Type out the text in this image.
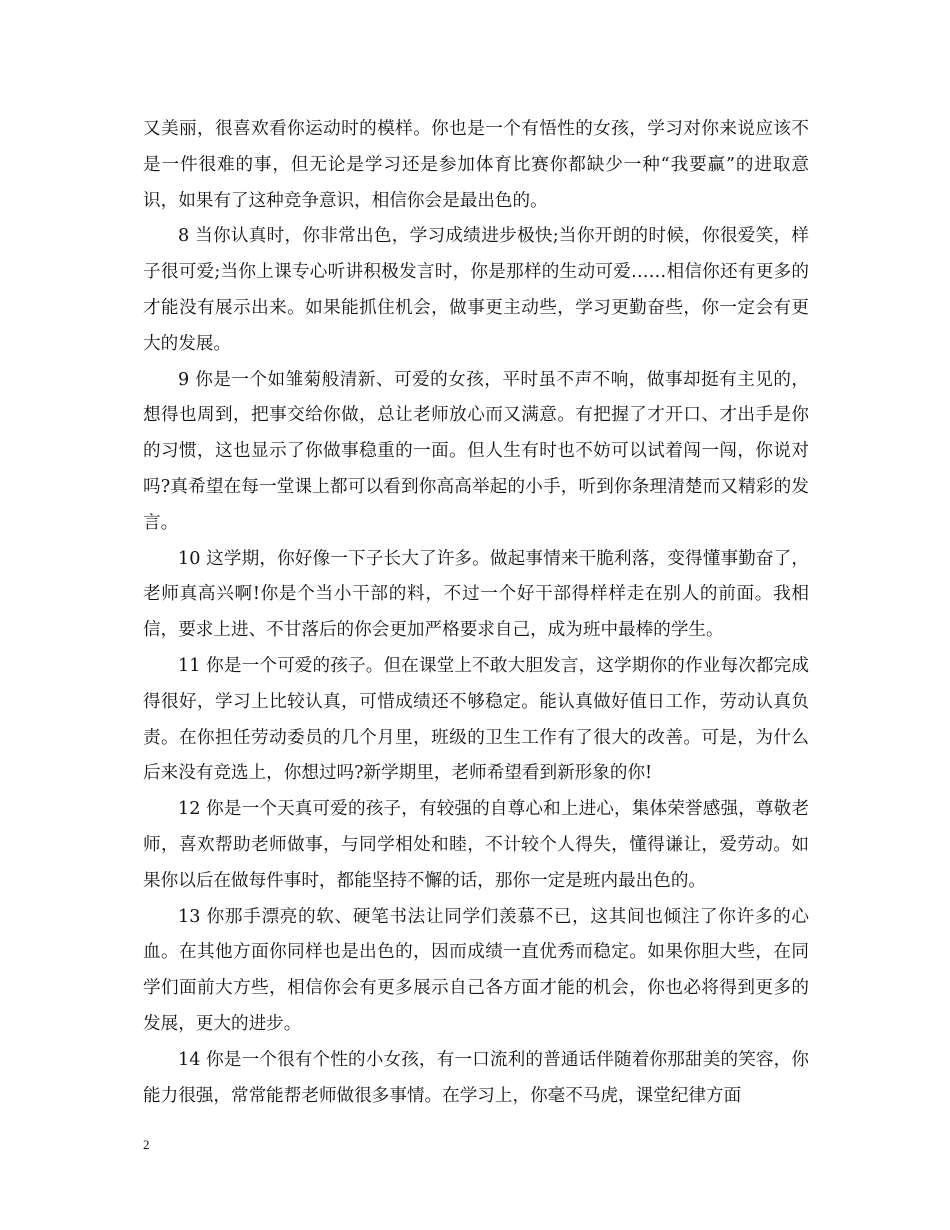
又美丽，很喜欢看你运动时的模样。你也是一个有悟性的女孩，学习对你来说应该不是一件很难的事，但无论是学习还是参加体育比赛你都缺少一种“我要赢”的进取意识，如果有了这种竞争意识，相信你会是最出色的。

8 当你认真时，你非常出色，学习成绩进步极快;当你开朗的时候，你很爱笑，样子很可爱;当你上课专心听讲积极发言时，你是那样的生动可爱……相信你还有更多的才能没有展示出来。如果能抓住机会，做事更主动些，学习更勤奋些，你一定会有更大的发展。

9 你是一个如雏菊般清新、可爱的女孩，平时虽不声不响，做事却挺有主见的，想得也周到，把事交给你做，总让老师放心而又满意。有把握了才开口、才出手是你的习惯，这也显示了你做事稳重的一面。但人生有时也不妨可以试着闯一闯，你说对吗?真希望在每一堂课上都可以看到你高高举起的小手，听到你条理清楚而又精彩的发言。

10 这学期，你好像一下子长大了许多。做起事情来干脆利落，变得懂事勤奋了，老师真高兴啊!你是个当小干部的料，不过一个好干部得样样走在别人的前面。我相信，要求上进、不甘落后的你会更加严格要求自己，成为班中最棒的学生。

11 你是一个可爱的孩子。但在课堂上不敢大胆发言，这学期你的作业每次都完成得很好，学习上比较认真，可惜成绩还不够稳定。能认真做好值日工作，劳动认真负责。在你担任劳动委员的几个月里，班级的卫生工作有了很大的改善。可是，为什么后来没有竞选上，你想过吗?新学期里，老师希望看到新形象的你!

12 你是一个天真可爱的孩子，有较强的自尊心和上进心，集体荣誉感强，尊敬老师，喜欢帮助老师做事，与同学相处和睦，不计较个人得失，懂得谦让，爱劳动。如果你以后在做每件事时，都能坚持不懈的话，那你一定是班内最出色的。

13 你那手漂亮的软、硬笔书法让同学们羡慕不已，这其间也倾注了你许多的心血。在其他方面你同样也是出色的，因而成绩一直优秀而稳定。如果你胆大些，在同学们面前大方些，相信你会有更多展示自己各方面才能的机会，你也必将得到更多的发展，更大的进步。

14 你是一个很有个性的小女孩，有一口流利的普通话伴随着你那甜美的笑容，你能力很强，常常能帮老师做很多事情。在学习上，你毫不马虎，课堂纪律方面

2
